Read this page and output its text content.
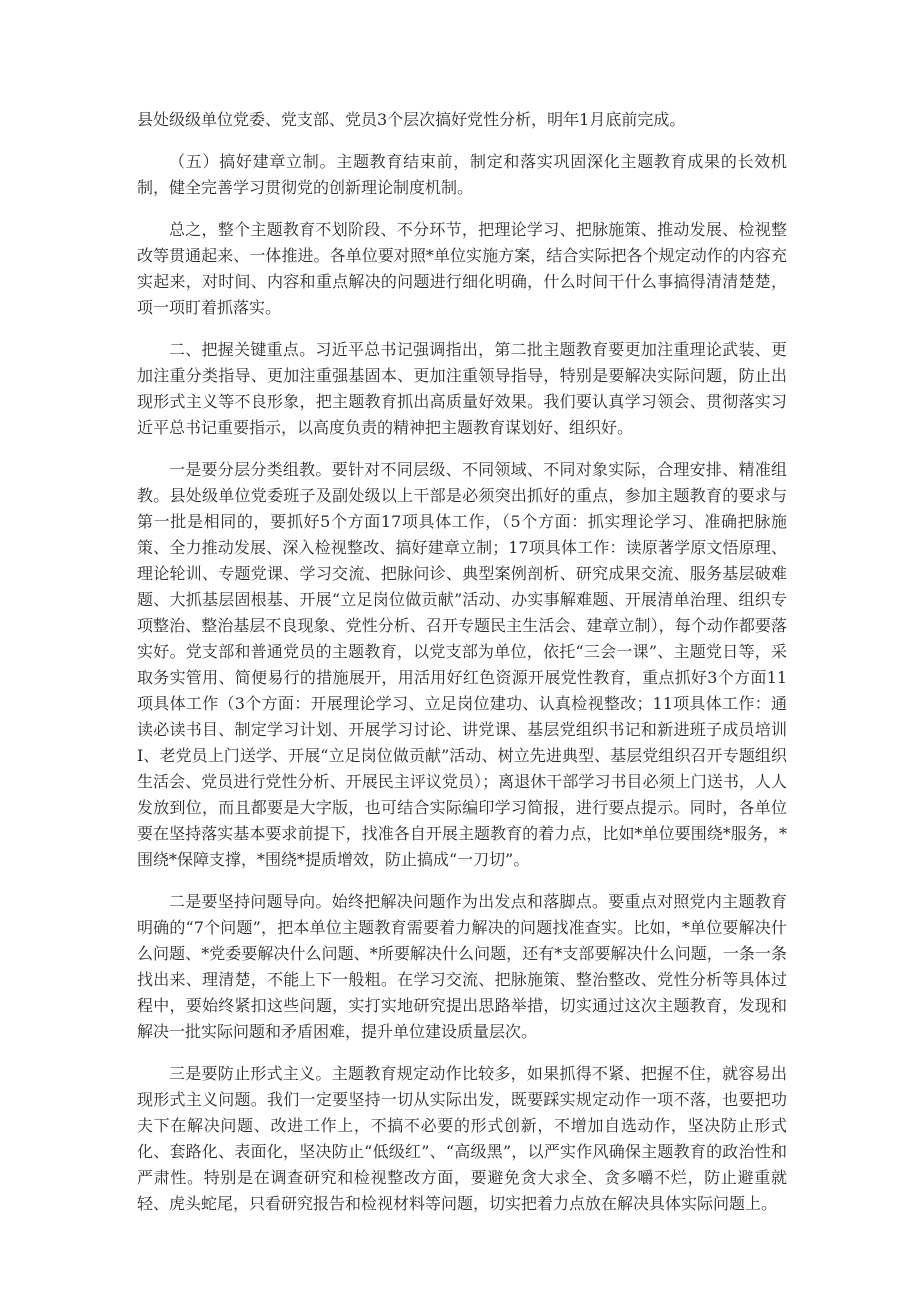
县处级级单位党委、党支部、党员3个层次搞好党性分析，明年1月底前完成。

（五）搞好建章立制。主题教育结束前，制定和落实巩固深化主题教育成果的长效机制，健全完善学习贯彻党的创新理论制度机制。

总之，整个主题教育不划阶段、不分环节，把理论学习、把脉施策、推动发展、检视整改等贯通起来、一体推进。各单位要对照*单位实施方案，结合实际把各个规定动作的内容充实起来，对时间、内容和重点解决的问题进行细化明确，什么时间干什么事搞得清清楚楚，项一项盯着抓落实。

二、把握关键重点。习近平总书记强调指出，第二批主题教育要更加注重理论武装、更加注重分类指导、更加注重强基固本、更加注重领导指导，特别是要解决实际问题，防止出现形式主义等不良形象，把主题教育抓出高质量好效果。我们要认真学习领会、贯彻落实习近平总书记重要指示，以高度负责的精神把主题教育谋划好、组织好。

一是要分层分类组教。要针对不同层级、不同领域、不同对象实际，合理安排、精准组教。县处级单位党委班子及副处级以上干部是必须突出抓好的重点，参加主题教育的要求与第一批是相同的，要抓好5个方面17项具体工作，（5个方面：抓实理论学习、准确把脉施策、全力推动发展、深入检视整改、搞好建章立制；17项具体工作：读原著学原文悟原理、理论轮训、专题党课、学习交流、把脉问诊、典型案例剖析、研究成果交流、服务基层破难题、大抓基层固根基、开展“立足岗位做贡献”活动、办实事解难题、开展清单治理、组织专项整治、整治基层不良现象、党性分析、召开专题民主生活会、建章立制），每个动作都要落实好。党支部和普通党员的主题教育，以党支部为单位，依托“三会一课”、主题党日等，采取务实管用、简便易行的措施展开，用活用好红色资源开展党性教育，重点抓好3个方面11项具体工作（3个方面：开展理论学习、立足岗位建功、认真检视整改；11项具体工作：通读必读书目、制定学习计划、开展学习讨论、讲党课、基层党组织书记和新进班子成员培训Ⅰ、老党员上门送学、开展“立足岗位做贡献”活动、树立先进典型、基层党组织召开专题组织生活会、党员进行党性分析、开展民主评议党员）；离退休干部学习书目必须上门送书，人人发放到位，而且都要是大字版，也可结合实际编印学习简报，进行要点提示。同时，各单位要在坚持落实基本要求前提下，找准各自开展主题教育的着力点，比如*单位要围绕*服务，*围绕*保障支撑，*围绕*提质增效，防止搞成“一刀切”。

二是要坚持问题导向。始终把解决问题作为出发点和落脚点。要重点对照党内主题教育明确的“7个问题”，把本单位主题教育需要着力解决的问题找准查实。比如，*单位要解决什么问题、*党委要解决什么问题、*所要解决什么问题，还有*支部要解决什么问题，一条一条找出来、理清楚，不能上下一般粗。在学习交流、把脉施策、整治整改、党性分析等具体过程中，要始终紧扣这些问题，实打实地研究提出思路举措，切实通过这次主题教育，发现和解决一批实际问题和矛盾困难，提升单位建设质量层次。

三是要防止形式主义。主题教育规定动作比较多，如果抓得不紧、把握不住，就容易出现形式主义问题。我们一定要坚持一切从实际出发，既要踩实规定动作一项不落，也要把功夫下在解决问题、改进工作上，不搞不必要的形式创新，不增加自选动作，坚决防止形式化、套路化、表面化，坚决防止“低级红”、“高级黑”，以严实作风确保主题教育的政治性和严肃性。特别是在调查研究和检视整改方面，要避免贪大求全、贪多嚼不烂，防止避重就轻、虎头蛇尾，只看研究报告和检视材料等问题，切实把着力点放在解决具体实际问题上。
